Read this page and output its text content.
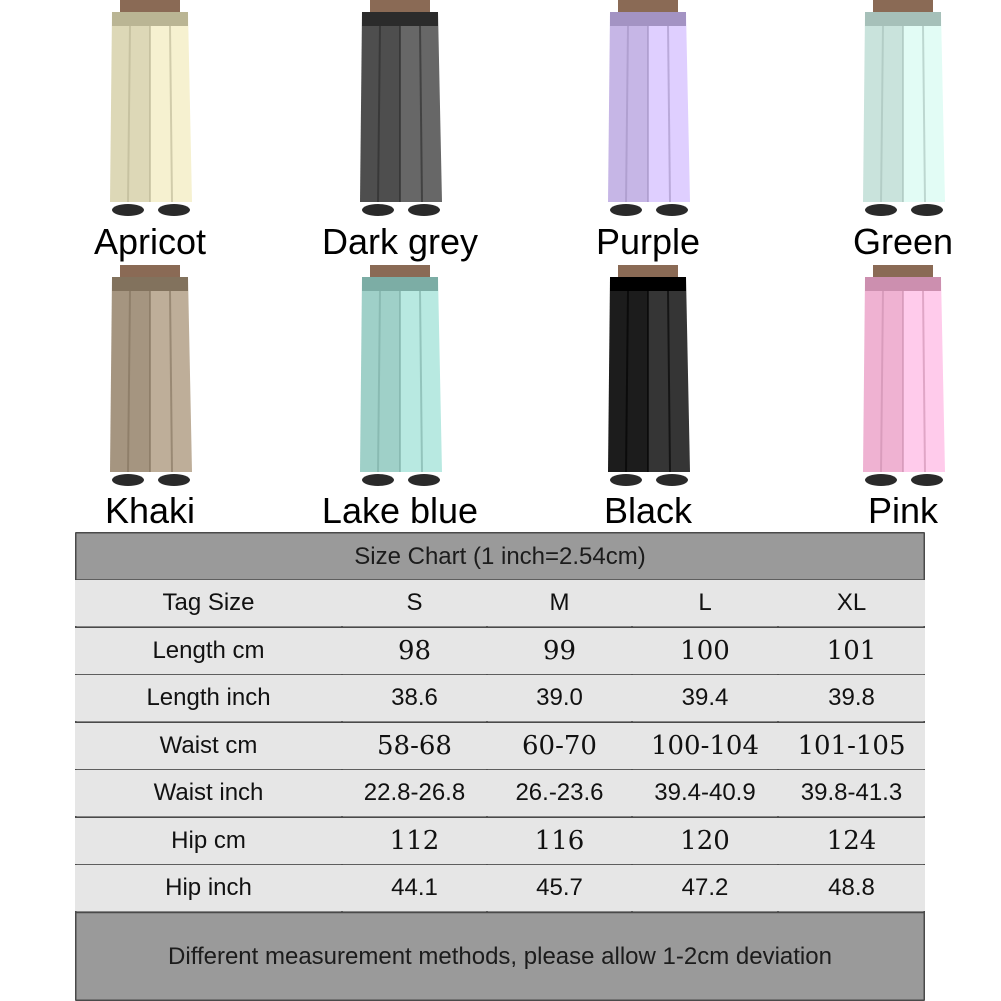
Apricot	Dark grey	Purple	Green
Khaki	Lake blue	Black	Pink
Size Chart (1 inch=2.54cm)
Tag Size	S	M	L	XL
Length cm	98	99	100	101
Length inch	38.6	39.0	39.4	39.8
Waist cm	58-68	60-70	100-104	101-105
Waist inch	22.8-26.8	26.-23.6	39.4-40.9	39.8-41.3
Hip cm	112	116	120	124
Hip inch	44.1	45.7	47.2	48.8
Different measurement methods, please allow 1-2cm deviation
